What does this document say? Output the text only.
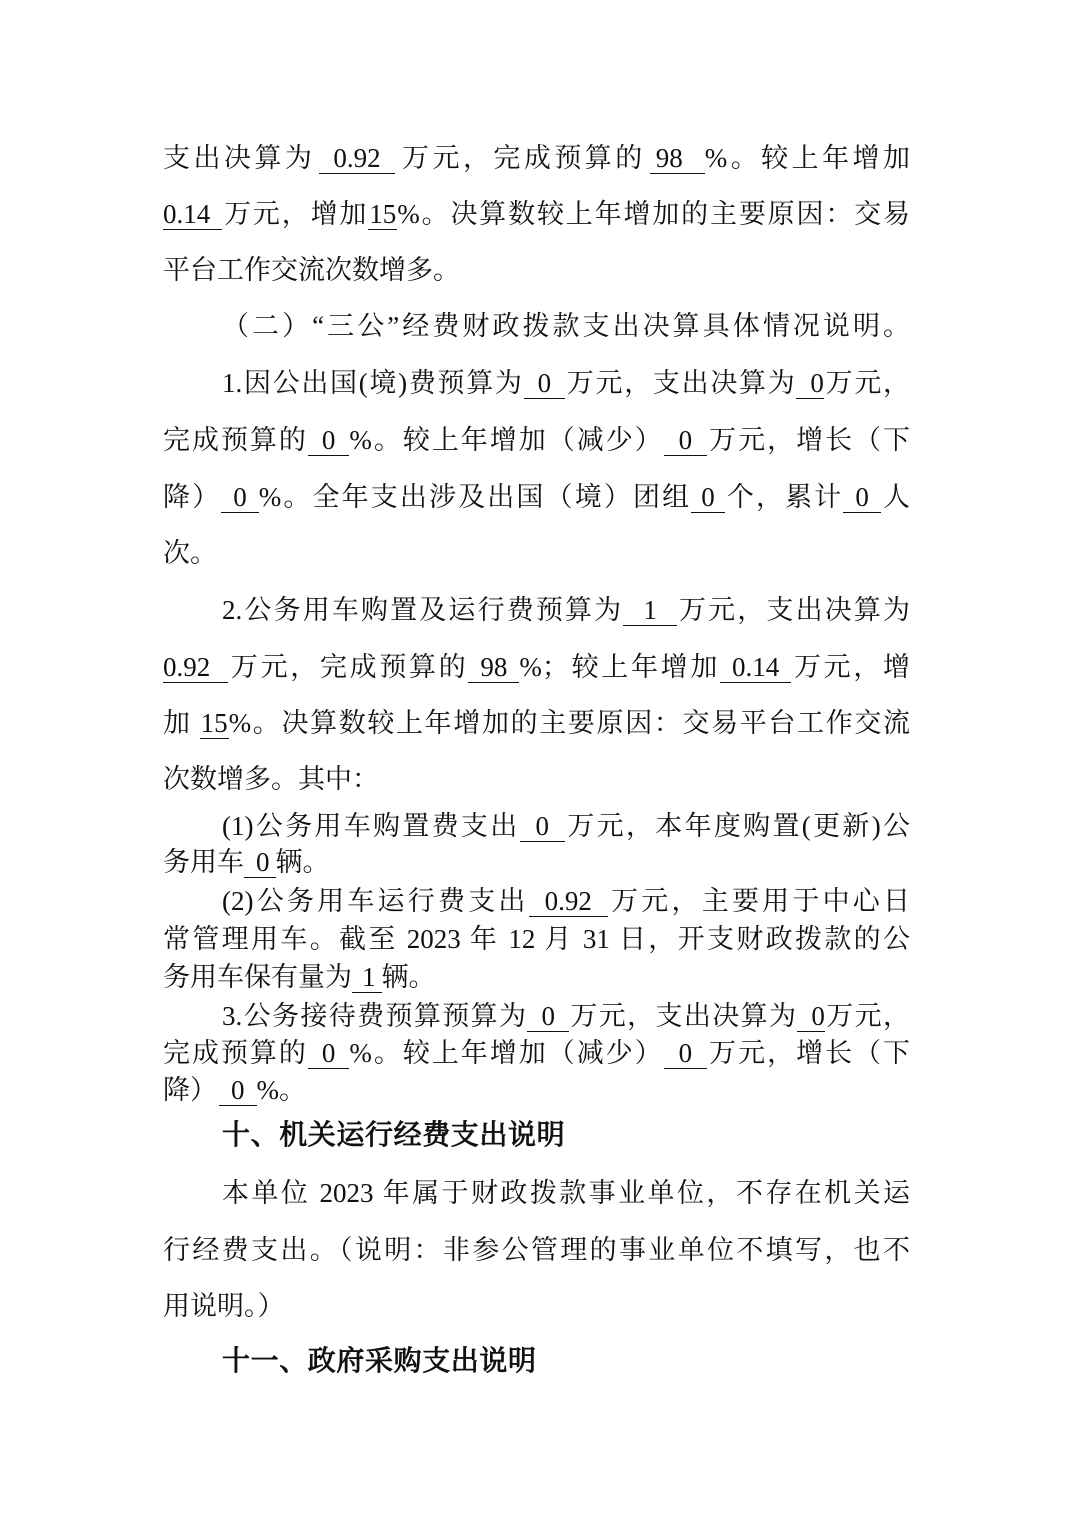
支出决算为 0.92 万元，完成预算的 98 %。较上年增加
0.14 万元，增加15%。决算数较上年增加的主要原因：交易
平台工作交流次数增多。
（二）“三公”经费财政拨款支出决算具体情况说明。
1.因公出国(境)费预算为 0 万元，支出决算为 0万元，
完成预算的 0 %。较上年增加（减少） 0 万元，增长（下
降） 0 %。全年支出涉及出国（境）团组 0 个，累计 0 人
次。
2.公务用车购置及运行费预算为 1 万元，支出决算为
0.92 万元，完成预算的 98 %；较上年增加 0.14 万元，增
加 15%。决算数较上年增加的主要原因：交易平台工作交流
次数增多。其中：
(1)公务用车购置费支出 0 万元，本年度购置(更新)公
务用车 0 辆。
(2)公务用车运行费支出 0.92 万元，主要用于中心日
常管理用车。截至 2023 年 12 月 31 日，开支财政拨款的公
务用车保有量为 1 辆。
3.公务接待费预算预算为 0 万元，支出决算为 0万元，
完成预算的 0 %。较上年增加（减少） 0 万元，增长（下
降） 0 %。
十、机关运行经费支出说明
本单位 2023 年属于财政拨款事业单位，不存在机关运
行经费支出。（说明：非参公管理的事业单位不填写，也不
用说明。）
十一、政府采购支出说明
